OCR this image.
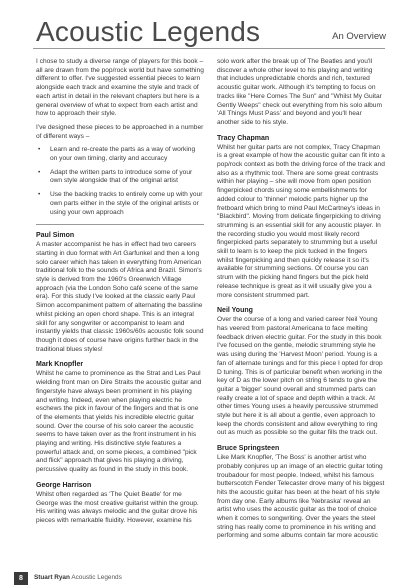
Acoustic Legends	An Overview

I chose to study a diverse range of players for this book – all are drawn from the pop/rock world but have something different to offer. I've suggested essential pieces to learn alongside each track and examine the style and track of each artist in detail in the relevant chapters but here is a general overview of what to expect from each artist and how to approach their style.

I've designed these pieces to be approached in a number of different ways –

• Learn and re-create the parts as a way of working on your own timing, clarity and accuracy
• Adapt the written parts to introduce some of your own style alongside that of the original artist
• Use the backing tracks to entirely come up with your own parts either in the style of the original artists or using your own approach
Paul Simon

A master accompanist he has in effect had two careers starting in duo format with Art Garfunkel and then a long solo career which has taken in everything from American traditional folk to the sounds of Africa and Brazil. Simon's style is derived from the 1960's Greenwich Village approach (via the London Soho café scene of the same era). For this study I've looked at the classic early Paul Simon accompaniment pattern of alternating the bassline whilst picking an open chord shape. This is an integral skill for any songwriter or accompanist to learn and instantly yields that classic 1960s/60s acoustic folk sound though it does of course have origins further back in the traditional blues styles!

Mark Knopfler

Whilst he came to prominence as the Strat and Les Paul wielding front man on Dire Straits the acoustic guitar and fingerstyle have always been prominent in his playing and writing. Indeed, even when playing electric he eschews the pick in favour of the fingers and that is one of the elements that yields his incredible electric guitar sound. Over the course of his solo career the acoustic seems to have taken over as the front instrument in his playing and writing. His distinctive style features a powerful attack and, on some pieces, a combined "pick and flick" approach that gives his playing a driving, percussive quality as found in the study in this book.

George Harrison

Whilst often regarded as 'The Quiet Beatle' for me George was the most creative guitarist within the group. His writing was always melodic and the guitar drove his pieces with remarkable fluidity. However, examine his

solo work after the break up of The Beatles and you'll discover a whole other level to his playing and writing that includes unpredictable chords and rich, textured acoustic guitar work. Although it's tempting to focus on tracks like "Here Comes The Sun" and "Whilst My Guitar Gently Weeps" check out everything from his solo album 'All Things Must Pass' and beyond and you'll hear another side to his style.

Tracy Chapman

Whilst her guitar parts are not complex, Tracy Chapman is a great example of how the acoustic guitar can fit into a pop/rock context as both the driving force of the track and also as a rhythmic tool. There are some great contrasts within her playing – she will move from open position fingerpicked chords using some embellishments for added colour to 'thinner' melodic parts higher up the fretboard which bring to mind Paul McCartney's ideas in "Blackbird". Moving from delicate fingerpicking to driving strumming is an essential skill for any acoustic player. In the recording studio you would most likely record fingerpicked parts separately to strumming but a useful skill to learn is to keep the pick tucked in the fingers whilst fingerpicking and then quickly release it so it's available for strumming sections. Of course you can strum with the picking hand fingers but the pick held release technique is great as it will usually give you a more consistent strummed part.

Neil Young

Over the course of a long and varied career Neil Young has veered from pastoral Americana to face melting feedback driven electric guitar. For the study in this book I've focused on the gentle, melodic strumming style he was using during the 'Harvest Moon' period. Young is a fan of alternate tunings and for this piece I opted for drop D tuning. This is of particular benefit when working in the key of D as the lower pitch on string 6 tends to give the guitar a 'bigger' sound overall and strummed parts can really create a lot of space and depth within a track. At other times Young uses a heavily percussive strummed style but here it is all about a gentle, even approach to keep the chords consistent and allow everything to ring out as much as possible so the guitar fills the track out.

Bruce Springsteen

Like Mark Knopfler, 'The Boss' is another artist who probably conjures up an image of an electric guitar toting troubadour for most people. Indeed, whilst his famous butterscotch Fender Telecaster drove many of his biggest hits the acoustic guitar has been at the heart of his style from day one. Early albums like 'Nebraska' reveal an artist who uses the acoustic guitar as the tool of choice when it comes to songwriting. Over the years the steel string has really come to prominence in his writing and performing and some albums contain far more acoustic

8	Stuart Ryan Acoustic Legends
